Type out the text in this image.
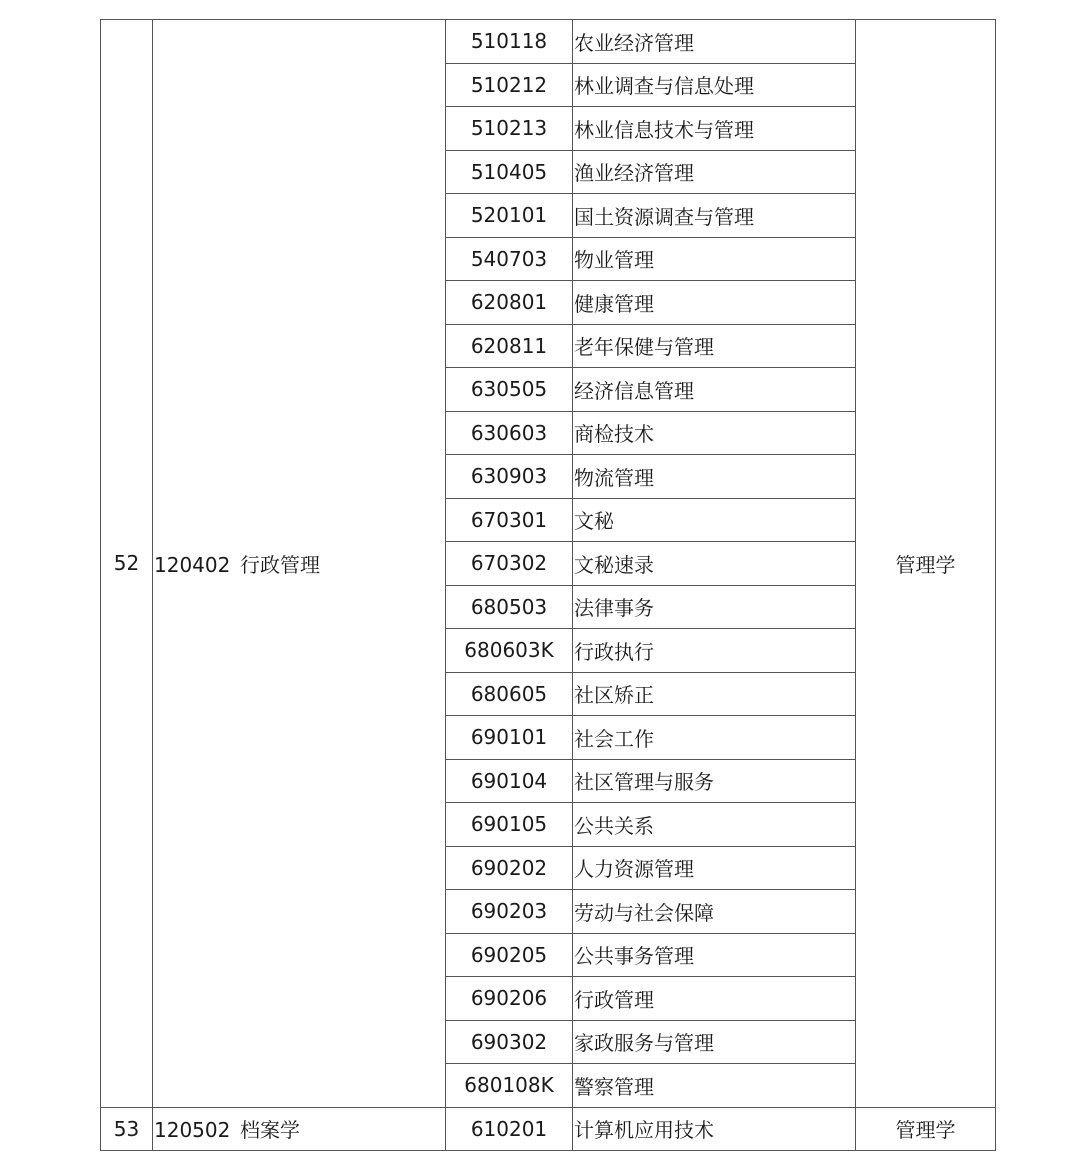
52	120402 行政管理	510118	农业经济管理	管理学
		510212	林业调查与信息处理	
		510213	林业信息技术与管理	
		510405	渔业经济管理	
		520101	国土资源调查与管理	
		540703	物业管理	
		620801	健康管理	
		620811	老年保健与管理	
		630505	经济信息管理	
		630603	商检技术	
		630903	物流管理	
		670301	文秘	
		670302	文秘速录	
		680503	法律事务	
		680603K	行政执行	
		680605	社区矫正	
		690101	社会工作	
		690104	社区管理与服务	
		690105	公共关系	
		690202	人力资源管理	
		690203	劳动与社会保障	
		690205	公共事务管理	
		690206	行政管理	
		690302	家政服务与管理	
		680108K	警察管理	
53	120502 档案学	610201	计算机应用技术	管理学
